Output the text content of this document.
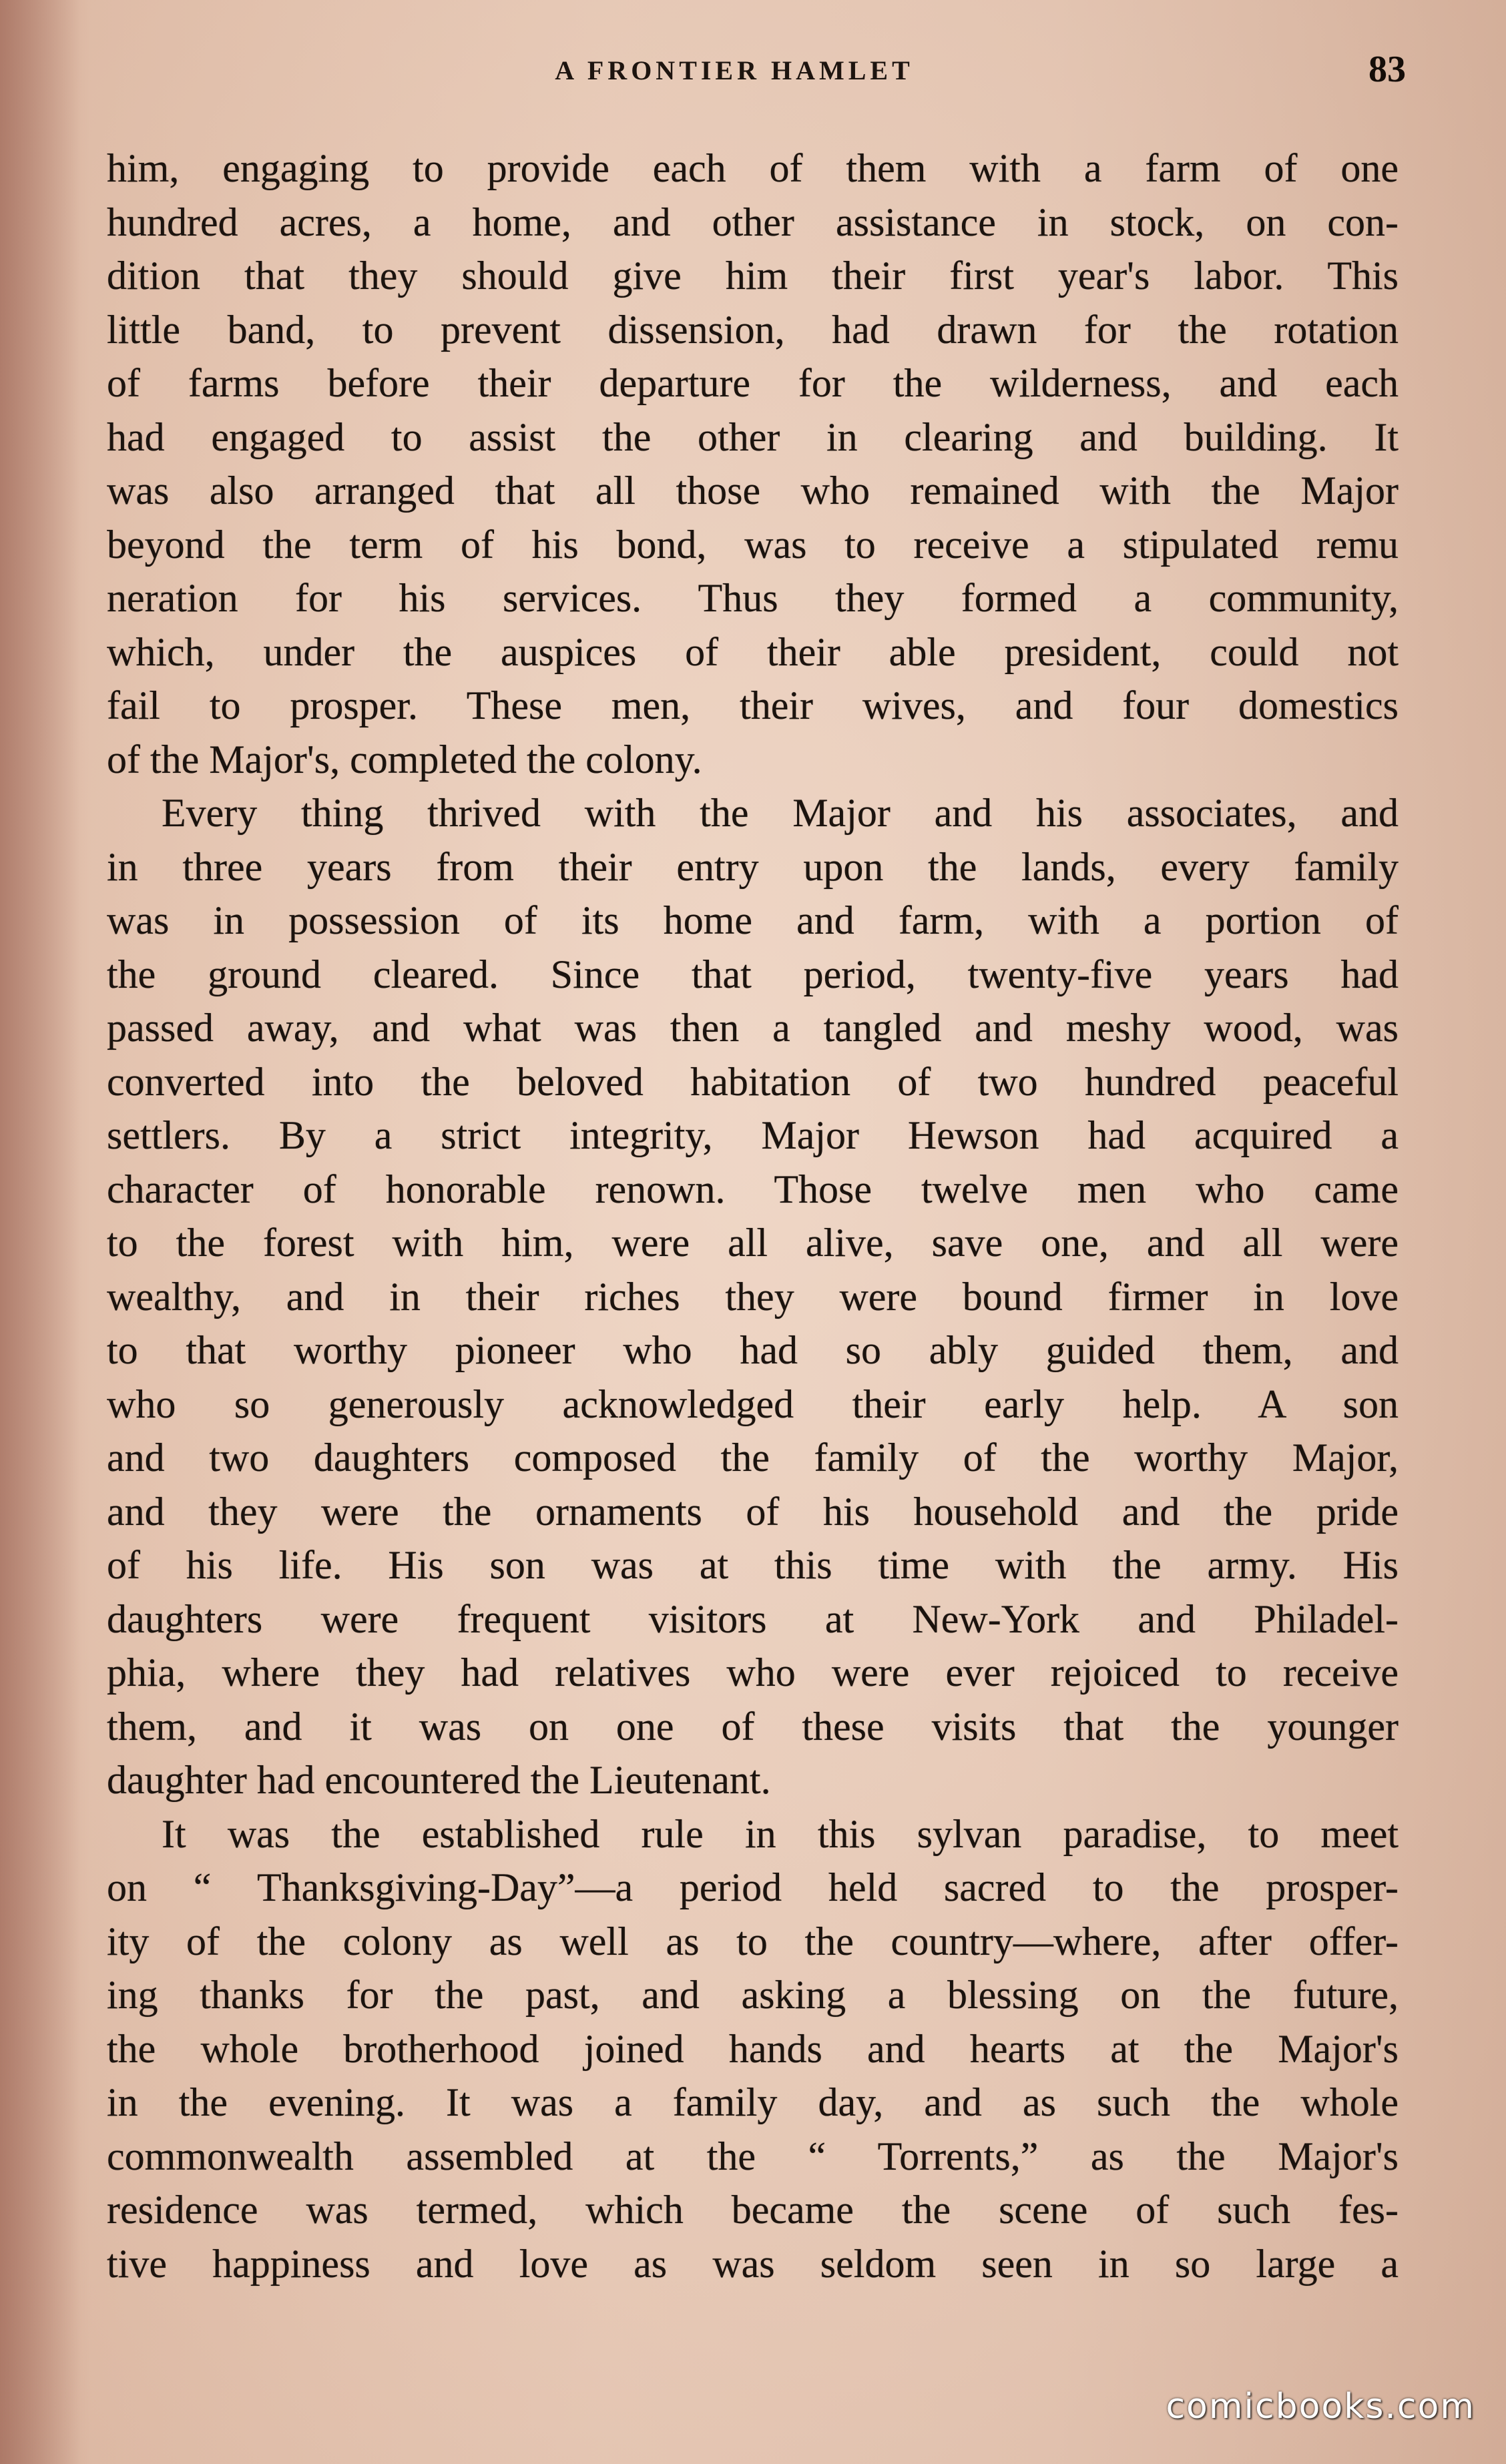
A FRONTIER HAMLET	83
him, engaging to provide each of them with a farm of one
hundred acres, a home, and other assistance in stock, on con-
dition that they should give him their first year's labor. This
little band, to prevent dissension, had drawn for the rotation
of farms before their departure for the wilderness, and each
had engaged to assist the other in clearing and building. It
was also arranged that all those who remained with the Major
beyond the term of his bond, was to receive a stipulated remu
neration for his services. Thus they formed a community,
which, under the auspices of their able president, could not
fail to prosper. These men, their wives, and four domestics
of the Major's, completed the colony.
Every thing thrived with the Major and his associates, and
in three years from their entry upon the lands, every family
was in possession of its home and farm, with a portion of
the ground cleared. Since that period, twenty-five years had
passed away, and what was then a tangled and meshy wood, was
converted into the beloved habitation of two hundred peaceful
settlers. By a strict integrity, Major Hewson had acquired a
character of honorable renown. Those twelve men who came
to the forest with him, were all alive, save one, and all were
wealthy, and in their riches they were bound firmer in love
to that worthy pioneer who had so ably guided them, and
who so generously acknowledged their early help. A son
and two daughters composed the family of the worthy Major,
and they were the ornaments of his household and the pride
of his life. His son was at this time with the army. His
daughters were frequent visitors at New-York and Philadel-
phia, where they had relatives who were ever rejoiced to receive
them, and it was on one of these visits that the younger
daughter had encountered the Lieutenant.
It was the established rule in this sylvan paradise, to meet
on “ Thanksgiving-Day”—a period held sacred to the prosper-
ity of the colony as well as to the country—where, after offer-
ing thanks for the past, and asking a blessing on the future,
the whole brotherhood joined hands and hearts at the Major's
in the evening. It was a family day, and as such the whole
commonwealth assembled at the “ Torrents,” as the Major's
residence was termed, which became the scene of such fes-
tive happiness and love as was seldom seen in so large a
comicbooks.com
